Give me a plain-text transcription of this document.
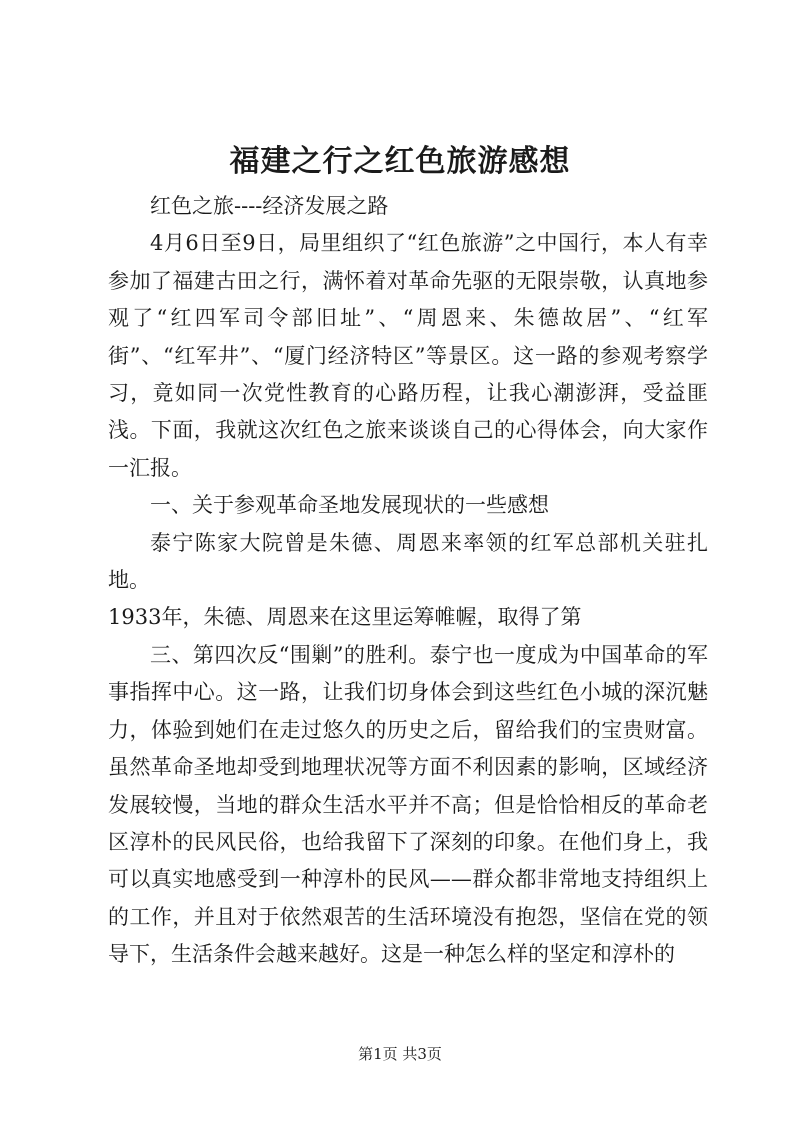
福建之行之红色旅游感想

红色之旅----经济发展之路

4月6日至9日，局里组织了“红色旅游”之中国行，本人有幸参加了福建古田之行，满怀着对革命先驱的无限崇敬，认真地参观了“红四军司令部旧址”、“周恩来、朱德故居”、“红军街”、“红军井”、“厦门经济特区”等景区。这一路的参观考察学习，竟如同一次党性教育的心路历程，让我心潮澎湃，受益匪浅。下面，我就这次红色之旅来谈谈自己的心得体会，向大家作一汇报。

一、关于参观革命圣地发展现状的一些感想

泰宁陈家大院曾是朱德、周恩来率领的红军总部机关驻扎地。

1933年，朱德、周恩来在这里运筹帷幄，取得了第

三、第四次反“围剿”的胜利。泰宁也一度成为中国革命的军事指挥中心。这一路，让我们切身体会到这些红色小城的深沉魅力，体验到她们在走过悠久的历史之后，留给我们的宝贵财富。虽然革命圣地却受到地理状况等方面不利因素的影响，区域经济发展较慢，当地的群众生活水平并不高；但是恰恰相反的革命老区淳朴的民风民俗，也给我留下了深刻的印象。在他们身上，我可以真实地感受到一种淳朴的民风——群众都非常地支持组织上的工作，并且对于依然艰苦的生活环境没有抱怨，坚信在党的领导下，生活条件会越来越好。这是一种怎么样的坚定和淳朴的

第1页 共3页
